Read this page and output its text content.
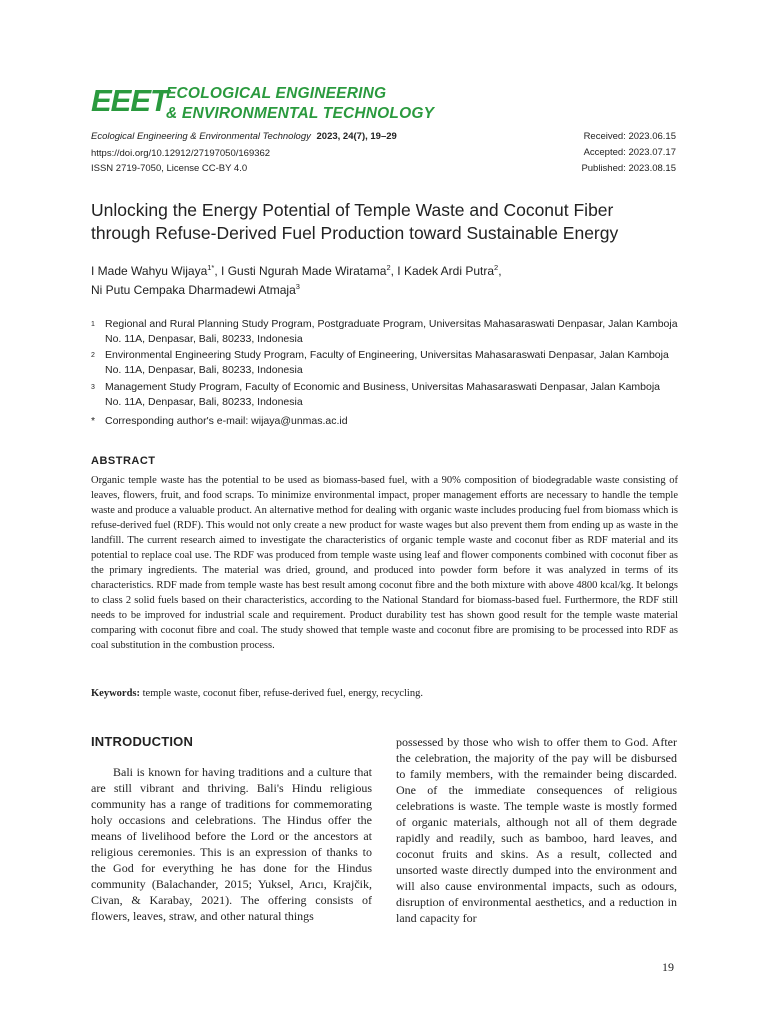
EEET
ECOLOGICAL ENGINEERING
& ENVIRONMENTAL TECHNOLOGY
Ecological Engineering & Environmental Technology 2023, 24(7), 19–29
https://doi.org/10.12912/27197050/169362
ISSN 2719-7050, License CC-BY 4.0
Received: 2023.06.15
Accepted: 2023.07.17
Published: 2023.08.15
Unlocking the Energy Potential of Temple Waste and Coconut Fiber
through Refuse-Derived Fuel Production toward Sustainable Energy
I Made Wahyu Wijaya$^{1*}$, I Gusti Ngurah Made Wiratama$^2$, I Kadek Ardi Putra$^2$,
Ni Putu Cempaka Dharmadewi Atmaja$^3$
1 Regional and Rural Planning Study Program, Postgraduate Program, Universitas Mahasaraswati Denpasar, Jalan Kamboja No. 11A, Denpasar, Bali, 80233, Indonesia
2 Environmental Engineering Study Program, Faculty of Engineering, Universitas Mahasaraswati Denpasar, Jalan Kamboja No. 11A, Denpasar, Bali, 80233, Indonesia
3 Management Study Program, Faculty of Economic and Business, Universitas Mahasaraswati Denpasar, Jalan Kamboja No. 11A, Denpasar, Bali, 80233, Indonesia
* Corresponding author's e-mail: wijaya@unmas.ac.id
ABSTRACT
Organic temple waste has the potential to be used as biomass-based fuel, with a 90% composition of biodegradable waste consisting of leaves, flowers, fruit, and food scraps. To minimize environmental impact, proper management efforts are necessary to handle the temple waste and produce a valuable product. An alternative method for dealing with organic waste includes producing fuel from biomass which is refuse-derived fuel (RDF). This would not only create a new product for waste wages but also prevent them from ending up as waste in the landfill. The current research aimed to investigate the characteristics of organic temple waste and coconut fiber as RDF material and its potential to replace coal use. The RDF was produced from temple waste using leaf and flower components combined with coconut fiber as the primary ingredients. The material was dried, ground, and produced into powder form before it was analyzed in terms of its characteristics. RDF made from temple waste has best result among coconut fibre and the both mixture with above 4800 kcal/kg. It belongs to class 2 solid fuels based on their characteristics, according to the National Standard for biomass-based fuel. Furthermore, the RDF still needs to be improved for industrial scale and requirement. Product durability test has shown good result for the temple waste material comparing with coconut fibre and coal. The study showed that temple waste and coconut fibre are promising to be processed into RDF as coal substitution in the combustion process.
Keywords: temple waste, coconut fiber, refuse-derived fuel, energy, recycling.
INTRODUCTION
Bali is known for having traditions and a culture that are still vibrant and thriving. Bali's Hindu religious community has a range of traditions for commemorating holy occasions and celebrations. The Hindus offer the means of livelihood before the Lord or the ancestors at religious ceremonies. This is an expression of thanks to the God for everything he has done for the Hindus community (Balachander, 2015; Yuksel, Arıcı, Krajčik, Civan, & Karabay, 2021). The offering consists of flowers, leaves, straw, and other natural things
possessed by those who wish to offer them to God. After the celebration, the majority of the pay will be disbursed to family members, with the remainder being discarded. One of the immediate consequences of religious celebrations is waste. The temple waste is mostly formed of organic materials, although not all of them degrade rapidly and readily, such as bamboo, hard leaves, and coconut fruits and skins. As a result, collected and unsorted waste directly dumped into the environment and will also cause environmental impacts, such as odours, disruption of environmental aesthetics, and a reduction in land capacity for
19
